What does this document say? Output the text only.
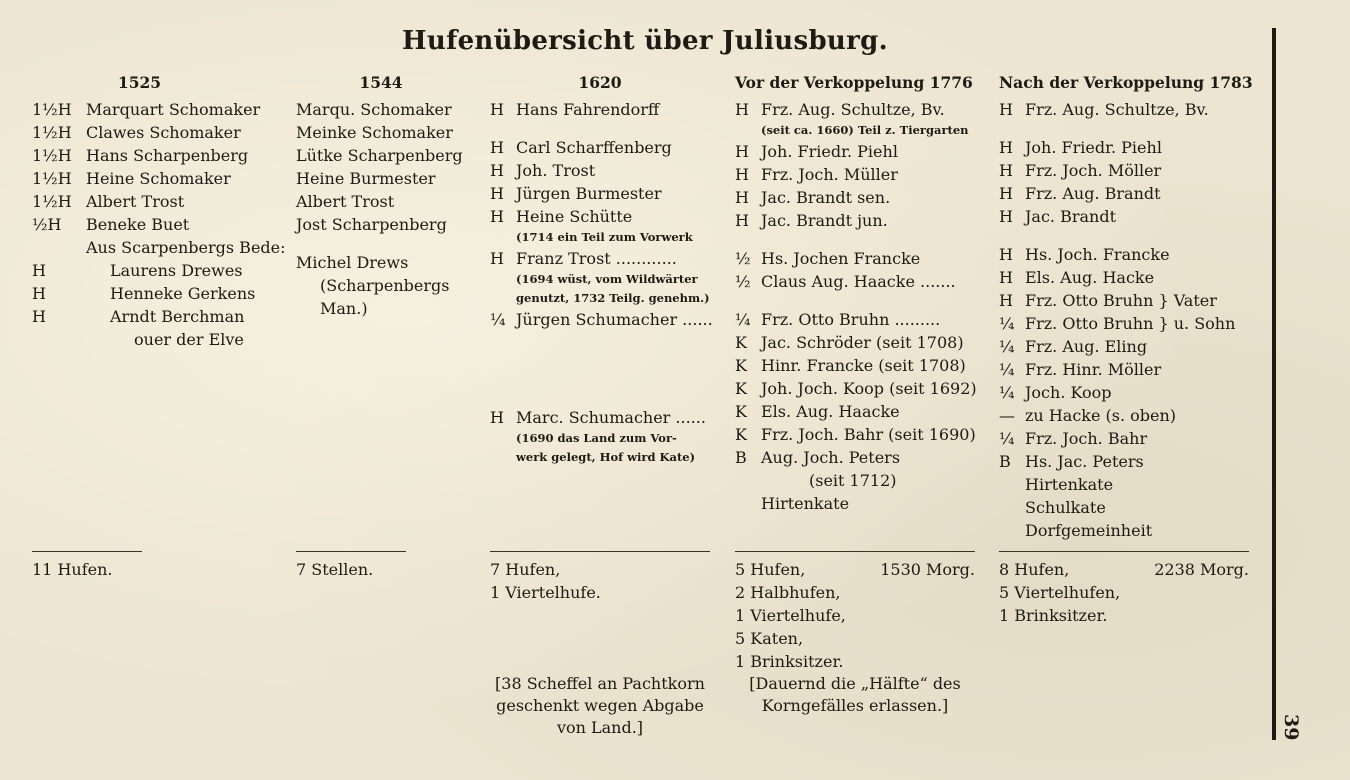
Hufenübersicht über Juliusburg.
39
1525
1½H Marquart Schomaker
1½H Clawes Schomaker
1½H Hans Scharpenberg
1½H Heine Schomaker
1½H Albert Trost
½H Beneke Buet
Aus Scarpenbergs Bede:
H	Laurens Drewes
H	Henneke Gerkens
H	Arndt Berchman
ouer der Elve
11 Hufen.
1544
Marqu. Schomaker
Meinke Schomaker
Lütke Scharpenberg
Heine Burmester
Albert Trost
Jost Scharpenberg
Michel Drews
(Scharpenbergs
Man.)
7 Stellen.
1620
H Hans Fahrendorff
H Carl Scharffenberg
H Joh. Trost
H Jürgen Burmester
H Heine Schütte
(1714 ein Teil zum Vorwerk
H Franz Trost ............
(1694 wüst, vom Wildwärter
genutzt, 1732 Teilg. genehm.)
¼ Jürgen Schumacher ......
H Marc. Schumacher ......
(1690 das Land zum Vor-
werk gelegt, Hof wird Kate)
7 Hufen,
1 Viertelhufe.
[38 Scheffel an Pachtkorn
geschenkt wegen Abgabe
von Land.]
Vor der Verkoppelung 1776
H Frz. Aug. Schultze, Bv.
(seit ca. 1660) Teil z. Tiergarten
H Joh. Friedr. Piehl
H Frz. Joch. Müller
H Jac. Brandt sen.
H Jac. Brandt jun.
½ Hs. Jochen Francke
½ Claus Aug. Haacke .......
¼ Frz. Otto Bruhn .........
K Jac. Schröder (seit 1708)
K Hinr. Francke (seit 1708)
K Joh. Joch. Koop (seit 1692)
K Els. Aug. Haacke
K Frz. Joch. Bahr (seit 1690)
B Aug. Joch. Peters
(seit 1712)
Hirtenkate
5 Hufen,	1530 Morg.
2 Halbhufen,
1 Viertelhufe,
5 Katen,
1 Brinksitzer.
[Dauernd die „Hälfte“ des
Korngefälles erlassen.]
Nach der Verkoppelung 1783
H Frz. Aug. Schultze, Bv.
H Joh. Friedr. Piehl
H Frz. Joch. Möller
H Frz. Aug. Brandt
H Jac. Brandt
H Hs. Joch. Francke
H Els. Aug. Hacke
H Frz. Otto Bruhn } Vater
¼ Frz. Otto Bruhn } u. Sohn
¼ Frz. Aug. Eling
¼ Frz. Hinr. Möller
¼ Joch. Koop
— zu Hacke (s. oben)
¼ Frz. Joch. Bahr
B Hs. Jac. Peters
Hirtenkate
Schulkate
Dorfgemeinheit
8 Hufen,	2238 Morg.
5 Viertelhufen,
1 Brinksitzer.
